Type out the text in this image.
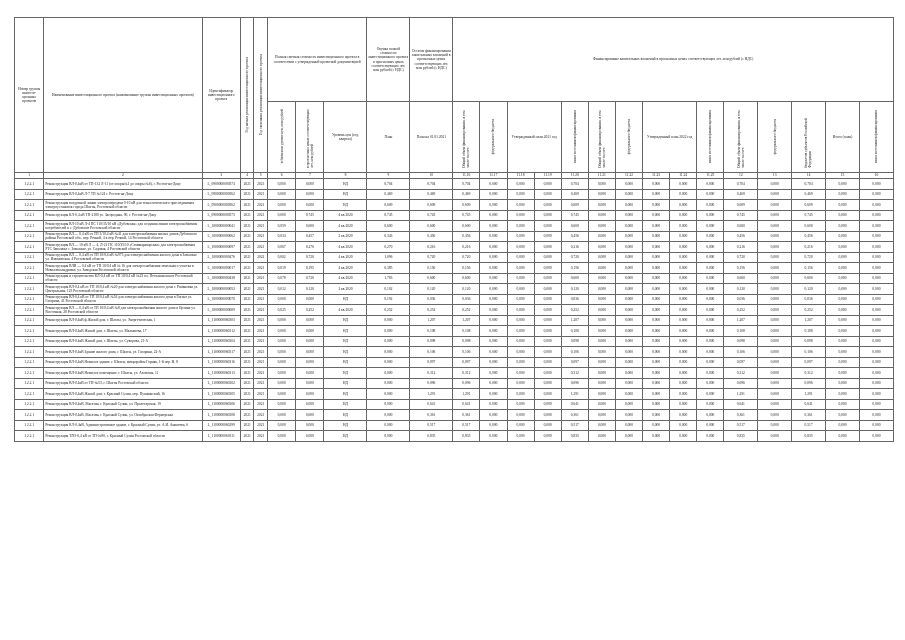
Номер группы инвести-ционных проектов	Наименование инвестиционного проекта (наименование группы инвестиционных проектов)	Идентификатор инвестиционного проекта	Год начала реализации инвестиционного проекта	Год окончания реализации инвестиционного проекта	Полная сметная стоимость инвестиционного проекта в соответствии с утвержденной проектной документацией			Оценка полной стоимости инвестиционного проекта в прогнозных ценах соответствующих лет, млн рублей (с НДС)	Остаток финансирования капитальных вложений в прогнозных ценах соответствующих лет, млн рублей (с НДС)	Финансирование капитальных вложений в прогнозных ценах соответствующих лет, млн рублей (с НДС)														
					в базисном уровне цен, млн рублей	в прогнозных ценах соответствующих лет, млн рублей	Уровень цен (год, квартал)	План	План на 01.01.2021	Общий объем финансирования, в том числе за счет:	федерального бюджета	Утвержденный план 2021 год		иных источников финансирования	Общий объем финансирования, в том числе за счет:	федерального бюджета	Утвержденный план 2022 год		иных источников финансирования	Общий объем финансирования, в том числе за счет:	федерального бюджета	бюджетов субъектов Российской Федерации	Итого (план)	иных источников финансирования
1	2	3	4	5	6	7	8	9	10	11.16	11.17	11.18	11.19	11.20	11.21	11.22	11.23	11.24	11.25	12	13	14	15	16
1.2.2.1	Реконструкция ВЛ-0,4кВ от ТП-132 Л-11 (от опоры№1 до опоры №6), г. Ростов-на-Дону	L_0900000000574	2021	2021	0,000	0,000	НД	0,704	0,704	0,704	0,000	0,000	0,000	0,704	0,000	0,000	0,000	0,000	0,000	0,704	0,000	0,704	0,000	0,000
1.2.2.1	Реконструкция ВЛ-0,4кВ Л-7 ТП №124 г. Ростов-на-Дону	L_0900000000562	2021	2021	0,000	0,000	НД	0,469	0,469	0,469	0,000	0,000	0,000	0,469	0,000	0,000	0,000	0,000	0,000	0,469	0,000	0,469	0,000	0,000
1.2.2.1	Реконструкция воздушной линии электропередачи 0-10 кВ для технологического присоединения электроустановок города Шахты, Ростовской области	L_0900000000562	2021	2021	0,000	0,000	НД	0,609	0,609	0,609	0,000	0,000	0,000	0,609	0,000	0,000	0,000	0,000	0,000	0,609	0,000	0,609	0,000	0,000
1.2.2.1	Реконструкция КЛ-0,4 кВ ТП-2180 ул. Загородная, 90, г. Ростов-на-Дону	L_0900000000573	2021	2021	0,000	0,745	4 кв 2020	0,745	0,745	0,745	0,000	0,000	0,000	0,745	0,000	0,000	0,000	0,000	0,000	0,745	0,000	0,745	0,000	0,000
1.2.2.1	Реконструкция ВЛ-10 кВ Л-4 ПС 110/35/10 кВ «Дубовская» для создания линии электроснабжения потребителей в с. Дубовское Ростовской области	L_1000000000041	2021	2021	0,059	0,600	4 кв 2020	0,600	0,600	0,600	0,000	0,000	0,000	0,600	0,000	0,000	0,000	0,000	0,000	0,600	0,000	0,600	0,000	0,000
1.2.2.1	Реконструкция ВЛ — 0,4 кВ от ТП 3/10,4 кВ №41 для электроснабжения жилых домов Дубовского района Ростовской обл., пер. Речной, 4 в пер. Речной, 14 Ростовской области	L_1000000000062	2021	2021	0,034	0,457	2 кв 2020	0,343	0,456	0,456	0,000	0,000	0,000	0,456	0,000	0,000	0,000	0,000	0,000	0,456	0,000	0,456	0,000	0,000
1.2.2.1	Реконструкция ВЛ — 10 кВ Л — 4, Л-21 ПС 110/35/10 «Семикаракорская» для электроснабжения РТС Заволжье с. Заволжье, ул. Садовая, 4 Ростовской области	L_1000000000097	2021	2021	0,067	0,276	4 кв 2020	0,270	0,216	0,216	0,000	0,000	0,000	0,216	0,000	0,000	0,000	0,000	0,000	0,216	0,000	0,216	0,000	0,000
1.2.2.1	Реконструкция ВЛ — 0,4 кВ от ТП 10/0,4 кВ №973 для электроснабжения жилого дома в Заволжье ул. Изюмовская, 4 Ростовской области	L_1000000000476	2021	2022	0,002	0,720	4 кв 2020	1,096	0,720	0,720	0,000	0,000	0,000	0,720	0,000	0,000	0,000	0,000	0,000	0,720	0,000	0,720	0,000	0,000
1.2.2.1	Реконструкция ВЛИ — 0,4 кВ от ТП 10/0,4 кВ № 16 для электроснабжения земельного участка в Новоалександровке, ул. Заводская Ростовской области	L_1000000000017	2021	2021	0,019	0,195	4 кв 2020	0,385	0,156	0,156	0,000	0,000	0,000	0,156	0,000	0,000	0,000	0,000	0,000	0,156	0,000	0,156	0,000	0,000
1.2.2.1	Реконструкция и строительство КЛ-0,4 кВ от ТП 10/0,4 кВ №23 пл. Песчанокопское Ростовской области	L_1000000000438	2021	2021	0,078	0,720	4 кв 2020	1,783	0,600	0,600	0,000	0,000	0,000	0,600	0,000	0,000	0,000	0,000	0,000	0,600	0,000	0,600	0,000	0,000
1.2.2.1	Реконструкция ВЛ-0,4 кВ от ТП 10/0,4 кВ №20 для электроснабжения жилого дома г. Романовка ул. Центральная, 125 Ростовской области	L_1000000000052	2021	2021	0,012	0,120	2 кв 2020	0,102	0,120	0,120	0,000	0,000	0,000	0,120	0,000	0,000	0,000	0,000	0,000	0,120	0,000	0,120	0,000	0,000
1.2.2.1	Реконструкция ВЛ-0,4 кВ от ТП 10/0,4 кВ №54 для электроснабжения жилого дома в Гигант ул. Гагарина, 41 Ростовской области	L_1000000000070	2021	2021	0,000	0,000	НД	0,192	0,036	0,036	0,000	0,000	0,000	0,036	0,000	0,000	0,000	0,000	0,000	0,036	0,000	0,036	0,000	0,000
1.2.2.1	Реконструкция ВЛ — 0,4 кВ от ТП 10/0,4 кВ №8 для электроснабжения жилого дома в Целина ул. Восточная, 28 Ростовской области	L_1000000000009	2021	2021	0,025	0,252	4 кв 2020	0,252	0,252	0,252	0,000	0,000	0,000	0,252	0,000	0,000	0,000	0,000	0,000	0,252	0,000	0,252	0,000	0,000
1.2.2.1	Реконструкция ВЛ-0,4кВ ф.Жилой дом, г. Шахты, ул. Энергетическая, 1	L_1100000060303	2021	2021	0,000	0,000	НД	0,000	1,207	1,207	0,000	0,000	0,000	1,207	0,000	0,000	0,000	0,000	0,000	1,207	0,000	1,207	0,000	0,000
1.2.2.1	Реконструкция ВЛ-0,4кВ Жилой дом, г. Шахты, ул. Малышева, 17	L_1100000060312	2021	2021	0,000	0,000	НД	0,000	0,108	0,108	0,000	0,000	0,000	0,108	0,000	0,000	0,000	0,000	0,000	0,108	0,000	0,108	0,000	0,000
1.2.2.1	Реконструкция ВЛ-0,4кВ Жилой дом, г. Шахты, ул. Суворова, 21-А	L_1100000060304	2021	2021	0,000	0,000	НД	0,000	0,098	0,098	0,000	0,000	0,000	0,098	0,000	0,000	0,000	0,000	0,000	0,098	0,000	0,098	0,000	0,000
1.2.2.1	Реконструкция ВЛ-0,4кВ Здание жилого дома, г. Шахты, ул. Гагарина, 22-А	L_1100000060317	2021	2021	0,000	0,000	НД	0,000	0,106	0,106	0,000	0,000	0,000	0,106	0,000	0,000	0,000	0,000	0,000	0,106	0,000	0,106	0,000	0,000
1.2.2.1	Реконструкция ВЛ-0,4кВ Нежилое здание, г. Шахты, микрорайон Горняк, 1-й пер. Н, 8	L_1100000060316	2021	2021	0,000	0,000	НД	0,000	0,097	0,097	0,000	0,000	0,000	0,097	0,000	0,000	0,000	0,000	0,000	0,097	0,000	0,097	0,000	0,000
1.2.2.1	Реконструкция ВЛ-0,4кВ Нежилое помещение, г. Шахты, ул. Азовская, 11	L_1100000060313	2021	2021	0,000	0,000	НД	0,000	0,312	0,312	0,000	0,000	0,000	0,312	0,000	0,000	0,000	0,000	0,000	0,312	0,000	0,312	0,000	0,000
1.2.2.1	Реконструкция ВЛ-0,4кВ от ТП-№53, г. Шахты Ростовской области	L_1100000060302	2021	2021	0,000	0,000	НД	0,000	0,096	0,096	0,000	0,000	0,000	0,096	0,000	0,000	0,000	0,000	0,000	0,096	0,000	0,096	0,000	0,000
1.2.2.1	Реконструкция ВЛ-0,4кВ Жилой дом, г. Красный Сулин, пер. Пушкинский, 16	L_1100000060305	2021	2021	0,000	0,000	НД	0,000	1,291	1,291	0,000	0,000	0,000	1,291	0,000	0,000	0,000	0,000	0,000	1,291	0,000	1,291	0,000	0,000
1.2.2.1	Реконструкция ВЛ-0,4кВ, Магазин, г. Красный Сулин, ул. Пролетарская, 19	L_1100000060306	2021	2021	0,000	0,000	НД	0,000	0,641	0,641	0,000	0,000	0,000	0,641	0,000	0,000	0,000	0,000	0,000	0,641	0,000	0,641	0,000	0,000
1.2.2.1	Реконструкция ВЛ-0,4кВ, Магазин, г. Красный Сулин, ул. Октябрьская Фермерская	L_1100000060308	2021	2021	0,000	0,000	НД	0,000	0,361	0,361	0,000	0,000	0,000	0,361	0,000	0,000	0,000	0,000	0,000	0,361	0,000	0,361	0,000	0,000
1.2.2.1	Реконструкция КЛ-0,4кВ, Административное здание, г. Красный Сулин, ул. А.И. Аникеева, 6	L_1100000060299	2021	2021	0,000	0,000	НД	0,000	0,517	0,517	0,000	0,000	0,000	0,517	0,000	0,000	0,000	0,000	0,000	0,517	0,000	0,517	0,000	0,000
1.2.2.1	Реконструкция ТЛО-0,4 кВ от ТП-№90, г. Красный Сулин Ростовской области	L_1100000060311	2021	2021	0,000	0,000	НД	0,000	0,835	0,835	0,000	0,000	0,000	0,835	0,000	0,000	0,000	0,000	0,000	0,835	0,000	0,835	0,000	0,000
